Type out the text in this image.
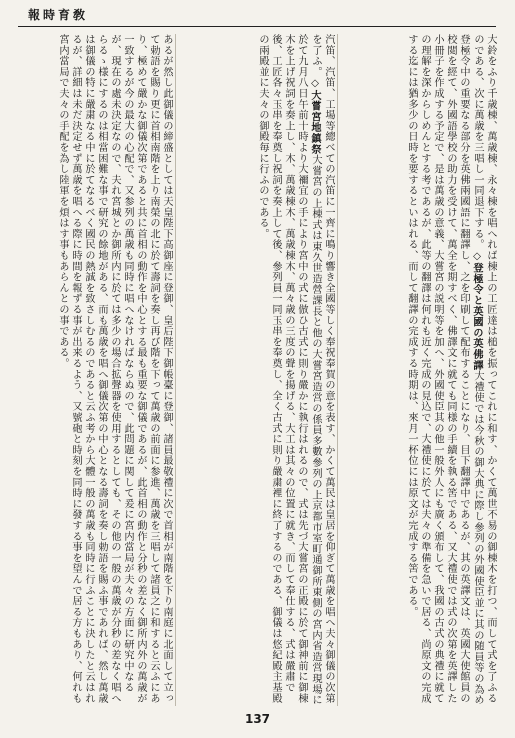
報時育敎
あるが然し此御儀の締盛としては天皇陛下高御座に登御、皇后陛下御帳臺に登御、諸員最敬禮に次で首相が南階を下り南庭に北面して立って勅語を賜り更に首相南階を上り南榮の北に於て壽詞を奏し再び階を下って萬歳の前面に参進、萬歳を三唱して諸員之に和すると云ふにあり、極めて嚴かな御儀次第であると共に首相の動作を中心とする最も重要な御儀であるが、此首相の動作と分秒の差なく御所内外の萬歳が一致するが今の最大の心配で、又参列の萬歳も同時に唱へなければならぬので、此問題に関して爰に宮内當局が夫々の方面に研究中なるが、現在の處未決定なので、夫れ宮城とか御所内に於ては多少の場合拡聲器を使用するとしても、その他の一般の萬歳が分秒の差なく唱へらるゝ様にするのは相當困難な事で研究の餘地がある、而も萬歳を唱へ御儀次第の中心となる壽詞を奏し勅語を賜ふ事であれば、然し萬歳は御儀の特に嚴粛なる中に於てなるべく國民の熱誠を致さしむるのであると云ふ考から大體一般の萬歳も同時に行ふことに決したと云はれるが、詳細は未だ決定せず萬歳を唱へる際に時間を報ずる事が出来るよう、又號砲と時刻を同時に發する事を望んで居る方もあり、何れも宮内當局で夫々の手配を為し陸軍を煩はす事もあらんとの事である。	汽笛、汽笛、工場等總べての汽笛に一齊に鳴り響き全國等しく奉祝奉賀の意を表す、かくて萬民は皇居を仰ぎて萬歳を唱へ夫々御儀の次第を了ふ。◇大嘗宮地鎮祭大嘗宮の上棟式は東久世造營課長と他の大嘗宮造営の係員多數參列の上京都市室町通御所東側の宮内省造営現場に於て九月八日午前十時より大禰宜の手により宮中の式に倣ひ古式に則り嚴かに執行はれるので、式は先づ大嘗宮の正殿に於て御神前に御棟木を上げ祝詞を奏上し、木、萬歳棟木、萬歳棟木、萬々歳の三度の聲を揚げる、大工は其々の位置に就き、而して奉仕する、式は嚴肅で後、工匠各々玉串を奉奠し祝詞を奏上して後、參列員一同玉串を奉奠し、全く古式に則り嚴粛裡に終了するのである、御儀は悠紀殿主基殿の兩殿並に夫々の御殿毎に行ふのである。	大鈴をふり千歳棟、萬歳棟、永々棟を唱へれば棟上の工匠達は槌を振ってこれに和す、かくて萬世不易の御棟木を打つ、而して式を了ふるのである、次に萬歳を三唱し一同退下する。◇登極令と英國の英佛譯大禮使では今秋の御大典に際し參列の外國使臣並に其の随員等の為め登極令中の重要なる部分を英佛兩國語に翻譯し、之を印刷して配布することになり、目下翻譯中であるが、其の英譯文は、英國大使館員の校閲を經て、外國語學校の助力を受けて、萬全を期すべく、佛譯文に就ても同様の手續を執る筈である、又大禮使では式の次第を英譯した小冊子を作成する予定で、是は萬歳の意義、大嘗宮の説明等を加へ、外國使臣其の他一般外人にも廣く頒布して、我國の古式の典禮に就ての理解を深からしめんとする考であるが、此等の翻譯は何れも近く完成の見込で、大禮使に於ては夫々の準備を急いで居る、尚原文の完成する迄には猶多少の日時を要するといはれる、而して翻譯の完成する時期は、來月一杯位には原文が完成する筈である。
137
